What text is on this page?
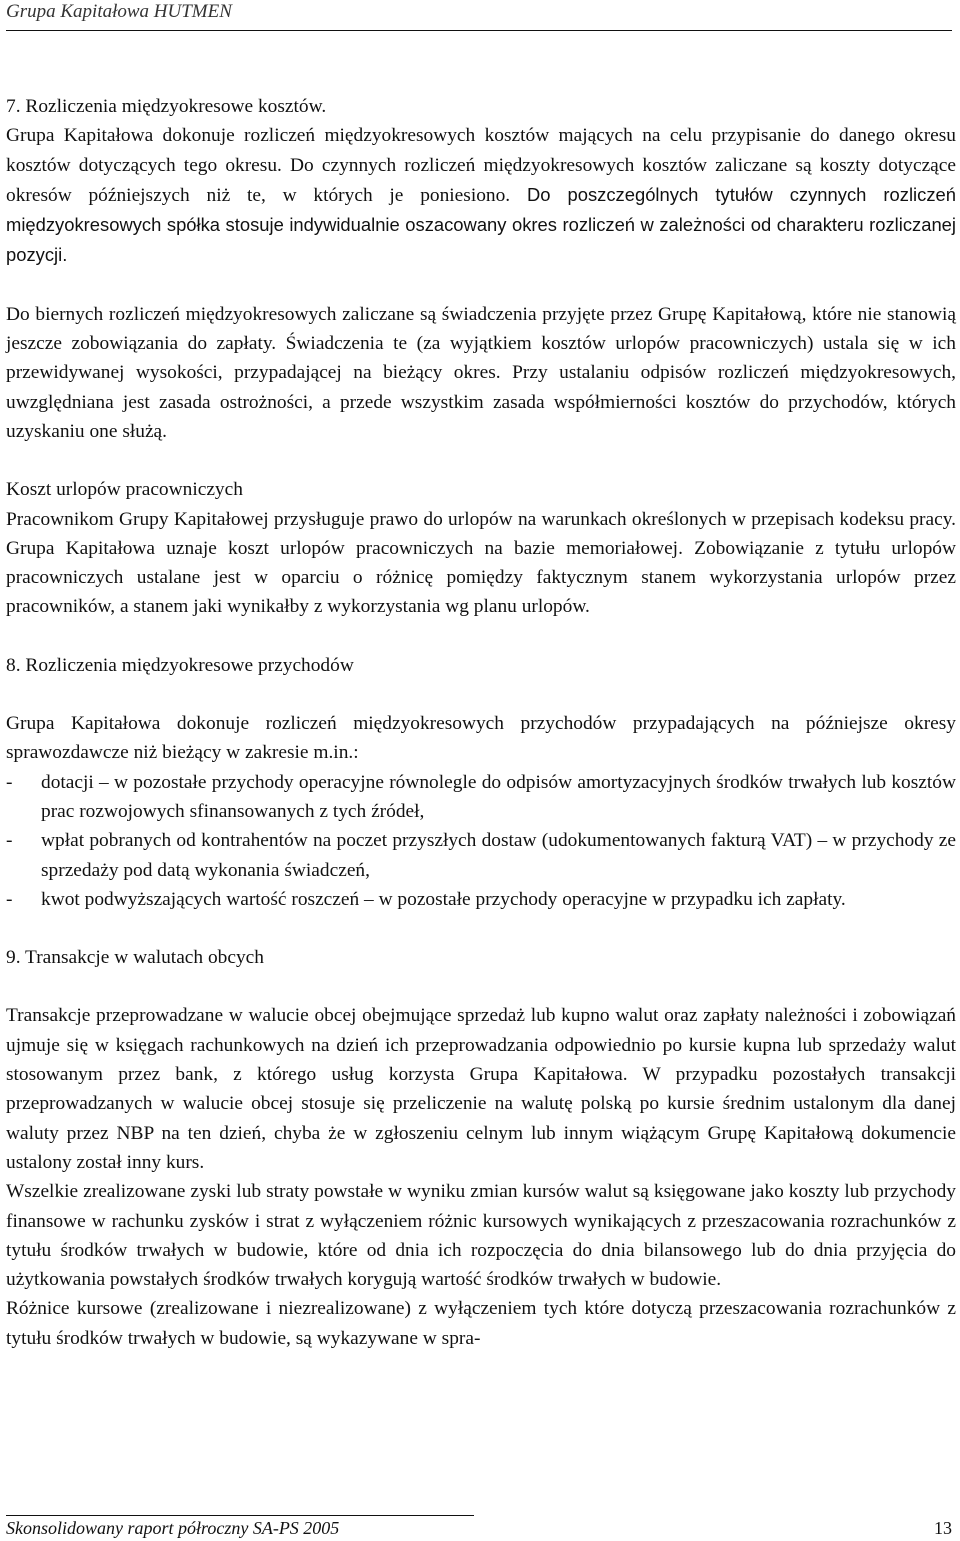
Grupa Kapitałowa HUTMEN

7. Rozliczenia międzyokresowe kosztów.

Grupa Kapitałowa dokonuje rozliczeń międzyokresowych kosztów mających na celu przypisanie do danego okresu kosztów dotyczących tego okresu. Do czynnych rozliczeń międzyokresowych kosztów zaliczane są koszty dotyczące okresów późniejszych niż te, w których je poniesiono. Do poszczególnych tytułów czynnych rozliczeń międzyokresowych spółka stosuje indywidualnie oszacowany okres rozliczeń w zależności od charakteru rozliczanej pozycji.

Do biernych rozliczeń międzyokresowych zaliczane są świadczenia przyjęte przez Grupę Kapitałową, które nie stanowią jeszcze zobowiązania do zapłaty. Świadczenia te (za wyjątkiem kosztów urlopów pracowniczych) ustala się w ich przewidywanej wysokości, przypadającej na bieżący okres. Przy ustalaniu odpisów rozliczeń międzyokresowych, uwzględniana jest zasada ostrożności, a przede wszystkim zasada współmierności kosztów do przychodów, których uzyskaniu one służą.

Koszt urlopów pracowniczych

Pracownikom Grupy Kapitałowej przysługuje prawo do urlopów na warunkach określonych w przepisach kodeksu pracy. Grupa Kapitałowa uznaje koszt urlopów pracowniczych na bazie memoriałowej. Zobowiązanie z tytułu urlopów pracowniczych ustalane jest w oparciu o różnicę pomiędzy faktycznym stanem wykorzystania urlopów przez pracowników, a stanem jaki wynikałby z wykorzystania wg planu urlopów.

8. Rozliczenia międzyokresowe przychodów

Grupa Kapitałowa dokonuje rozliczeń międzyokresowych przychodów przypadających na późniejsze okresy sprawozdawcze niż bieżący w zakresie m.in.:

- dotacji – w pozostałe przychody operacyjne równolegle do odpisów amortyzacyjnych środków trwałych lub kosztów prac rozwojowych sfinansowanych z tych źródeł,
- wpłat pobranych od kontrahentów na poczet przyszłych dostaw (udokumentowanych fakturą VAT) – w przychody ze sprzedaży pod datą wykonania świadczeń,
- kwot podwyższających wartość roszczeń – w pozostałe przychody operacyjne w przypadku ich zapłaty.

9. Transakcje w walutach obcych

Transakcje przeprowadzane w walucie obcej obejmujące sprzedaż lub kupno walut oraz zapłaty należności i zobowiązań ujmuje się w księgach rachunkowych na dzień ich przeprowadzania odpowiednio po kursie kupna lub sprzedaży walut stosowanym przez bank, z którego usług korzysta Grupa Kapitałowa. W przypadku pozostałych transakcji przeprowadzanych w walucie obcej stosuje się przeliczenie na walutę polską po kursie średnim ustalonym dla danej waluty przez NBP na ten dzień, chyba że w zgłoszeniu celnym lub innym wiążącym Grupę Kapitałową dokumencie ustalony został inny kurs.

Wszelkie zrealizowane zyski lub straty powstałe w wyniku zmian kursów walut są księgowane jako koszty lub przychody finansowe w rachunku zysków i strat z wyłączeniem różnic kursowych wynikających z przeszacowania rozrachunków z tytułu środków trwałych w budowie, które od dnia ich rozpoczęcia do dnia bilansowego lub do dnia przyjęcia do użytkowania powstałych środków trwałych korygują wartość środków trwałych w budowie.

Różnice kursowe (zrealizowane i niezrealizowane) z wyłączeniem tych które dotyczą przeszacowania rozrachunków z tytułu środków trwałych w budowie, są wykazywane w spra-

Skonsolidowany raport półroczny SA-PS 2005	13
